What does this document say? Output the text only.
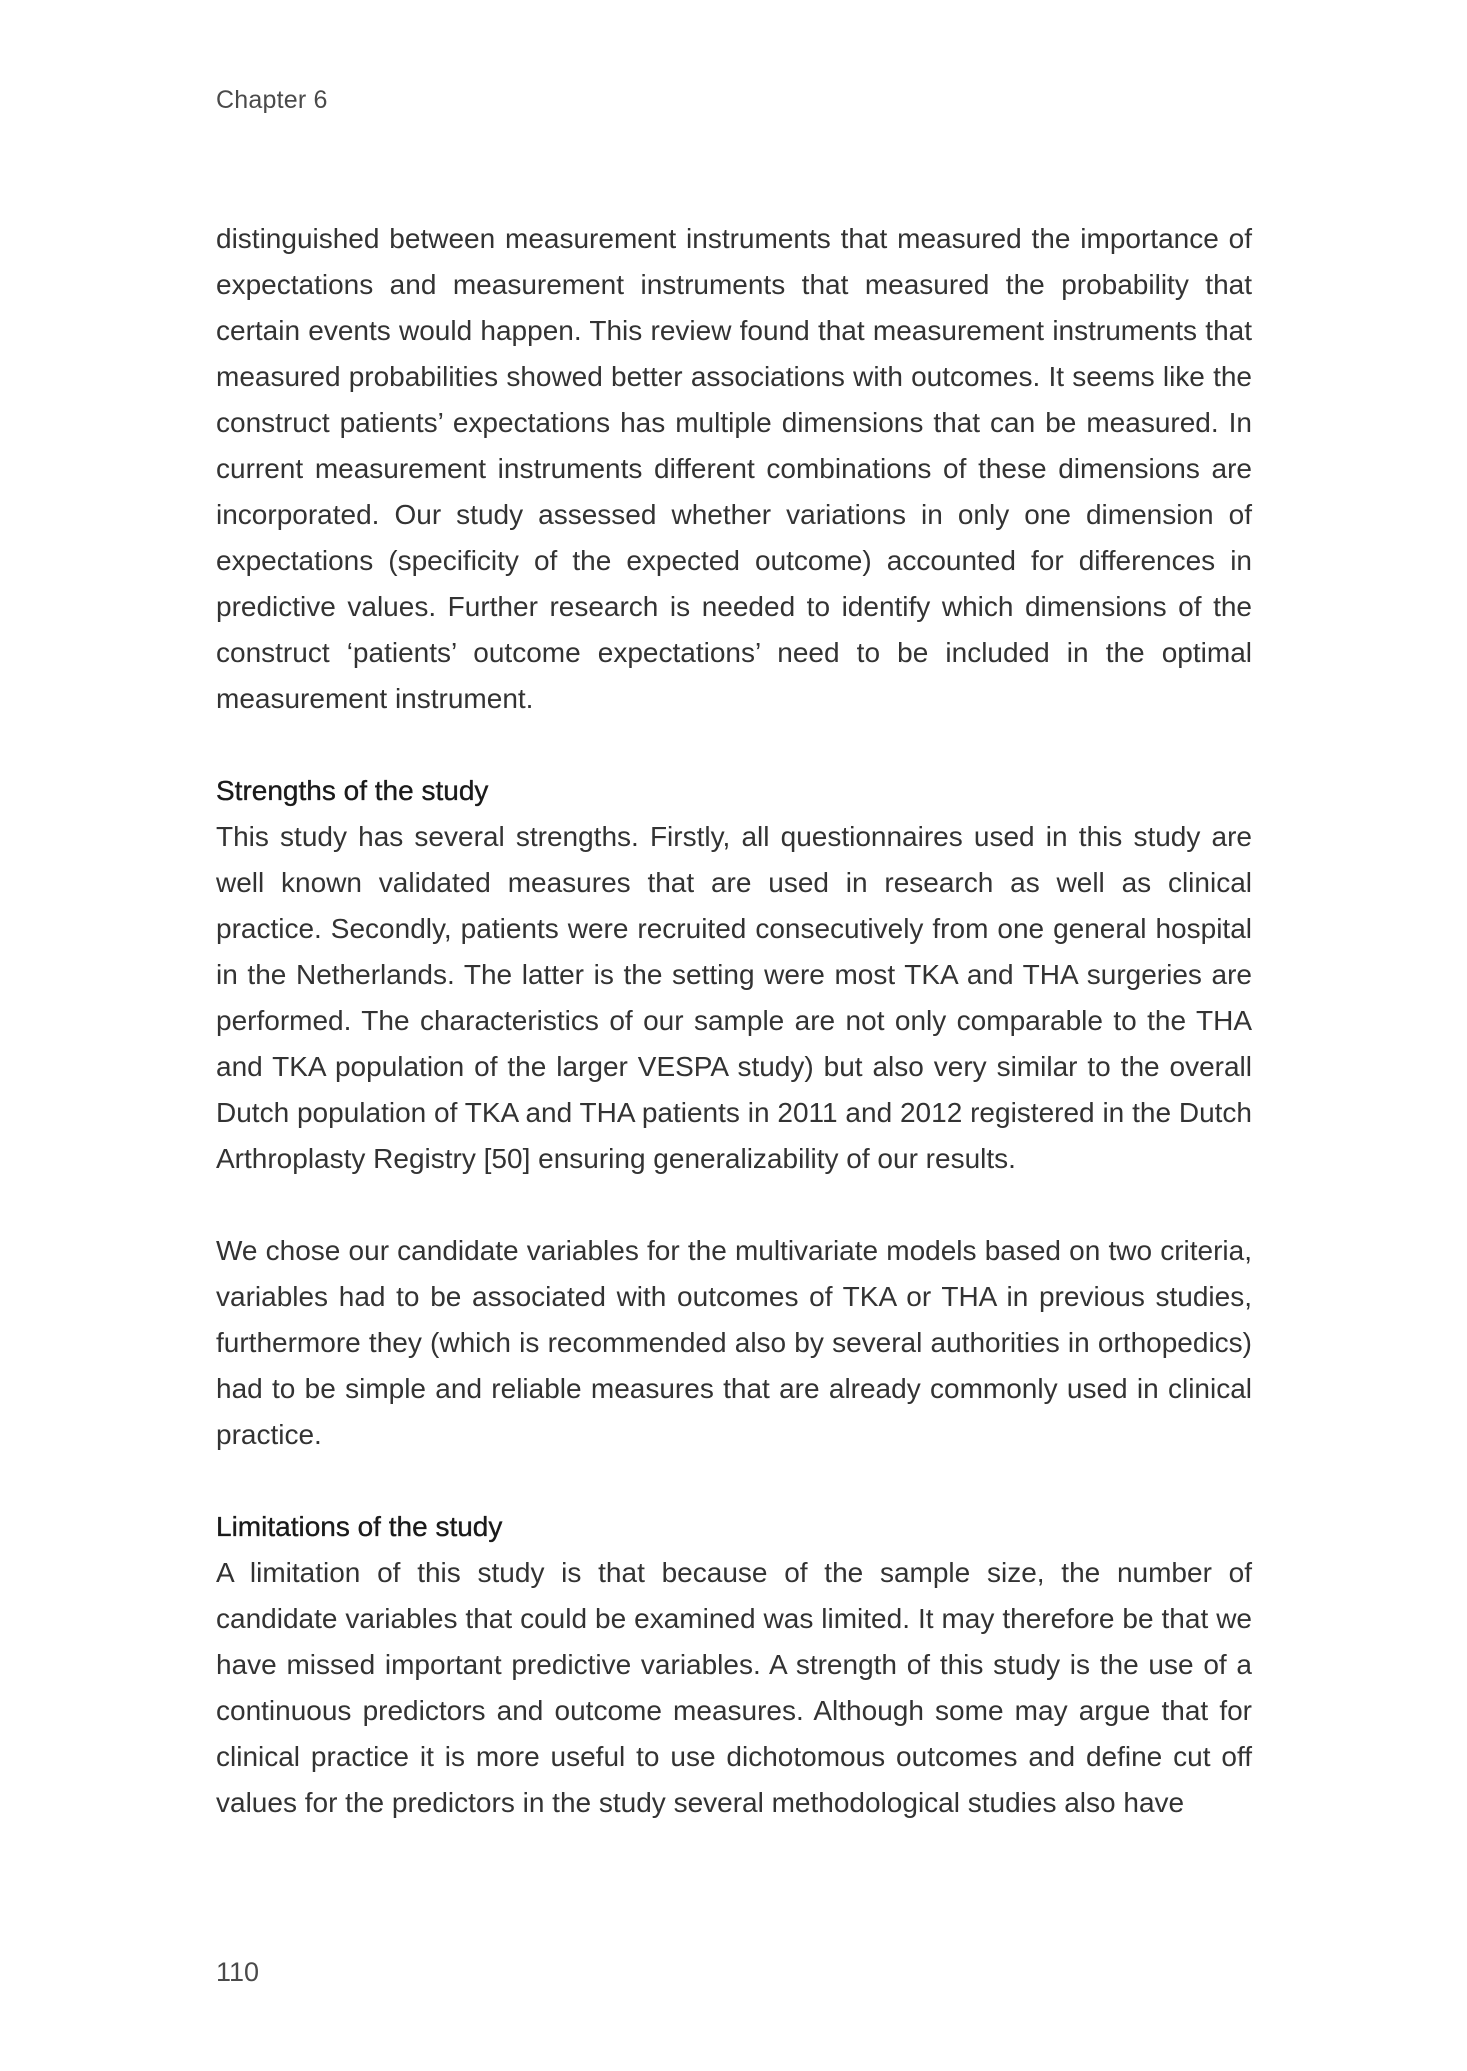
Chapter 6

distinguished between measurement instruments that measured the importance of expectations and measurement instruments that measured the probability that certain events would happen. This review found that measurement instruments that measured probabilities showed better associations with outcomes. It seems like the construct patients’ expectations has multiple dimensions that can be measured. In current measurement instruments different combinations of these dimensions are incorporated. Our study assessed whether variations in only one dimension of expectations (specificity of the expected outcome) accounted for differences in predictive values. Further research is needed to identify which dimensions of the construct ‘patients’ outcome expectations’ need to be included in the optimal measurement instrument.

Strengths of the study

This study has several strengths. Firstly, all questionnaires used in this study are well known validated measures that are used in research as well as clinical practice. Secondly, patients were recruited consecutively from one general hospital in the Netherlands. The latter is the setting were most TKA and THA surgeries are performed. The characteristics of our sample are not only comparable to the THA and TKA population of the larger VESPA study) but also very similar to the overall Dutch population of TKA and THA patients in 2011 and 2012 registered in the Dutch Arthroplasty Registry [50] ensuring generalizability of our results.

We chose our candidate variables for the multivariate models based on two criteria, variables had to be associated with outcomes of TKA or THA in previous studies, furthermore they (which is recommended also by several authorities in orthopedics) had to be simple and reliable measures that are already commonly used in clinical practice.

Limitations of the study

A limitation of this study is that because of the sample size, the number of candidate variables that could be examined was limited. It may therefore be that we have missed important predictive variables. A strength of this study is the use of a continuous predictors and outcome measures. Although some may argue that for clinical practice it is more useful to use dichotomous outcomes and define cut off values for the predictors in the study several methodological studies also have

110
